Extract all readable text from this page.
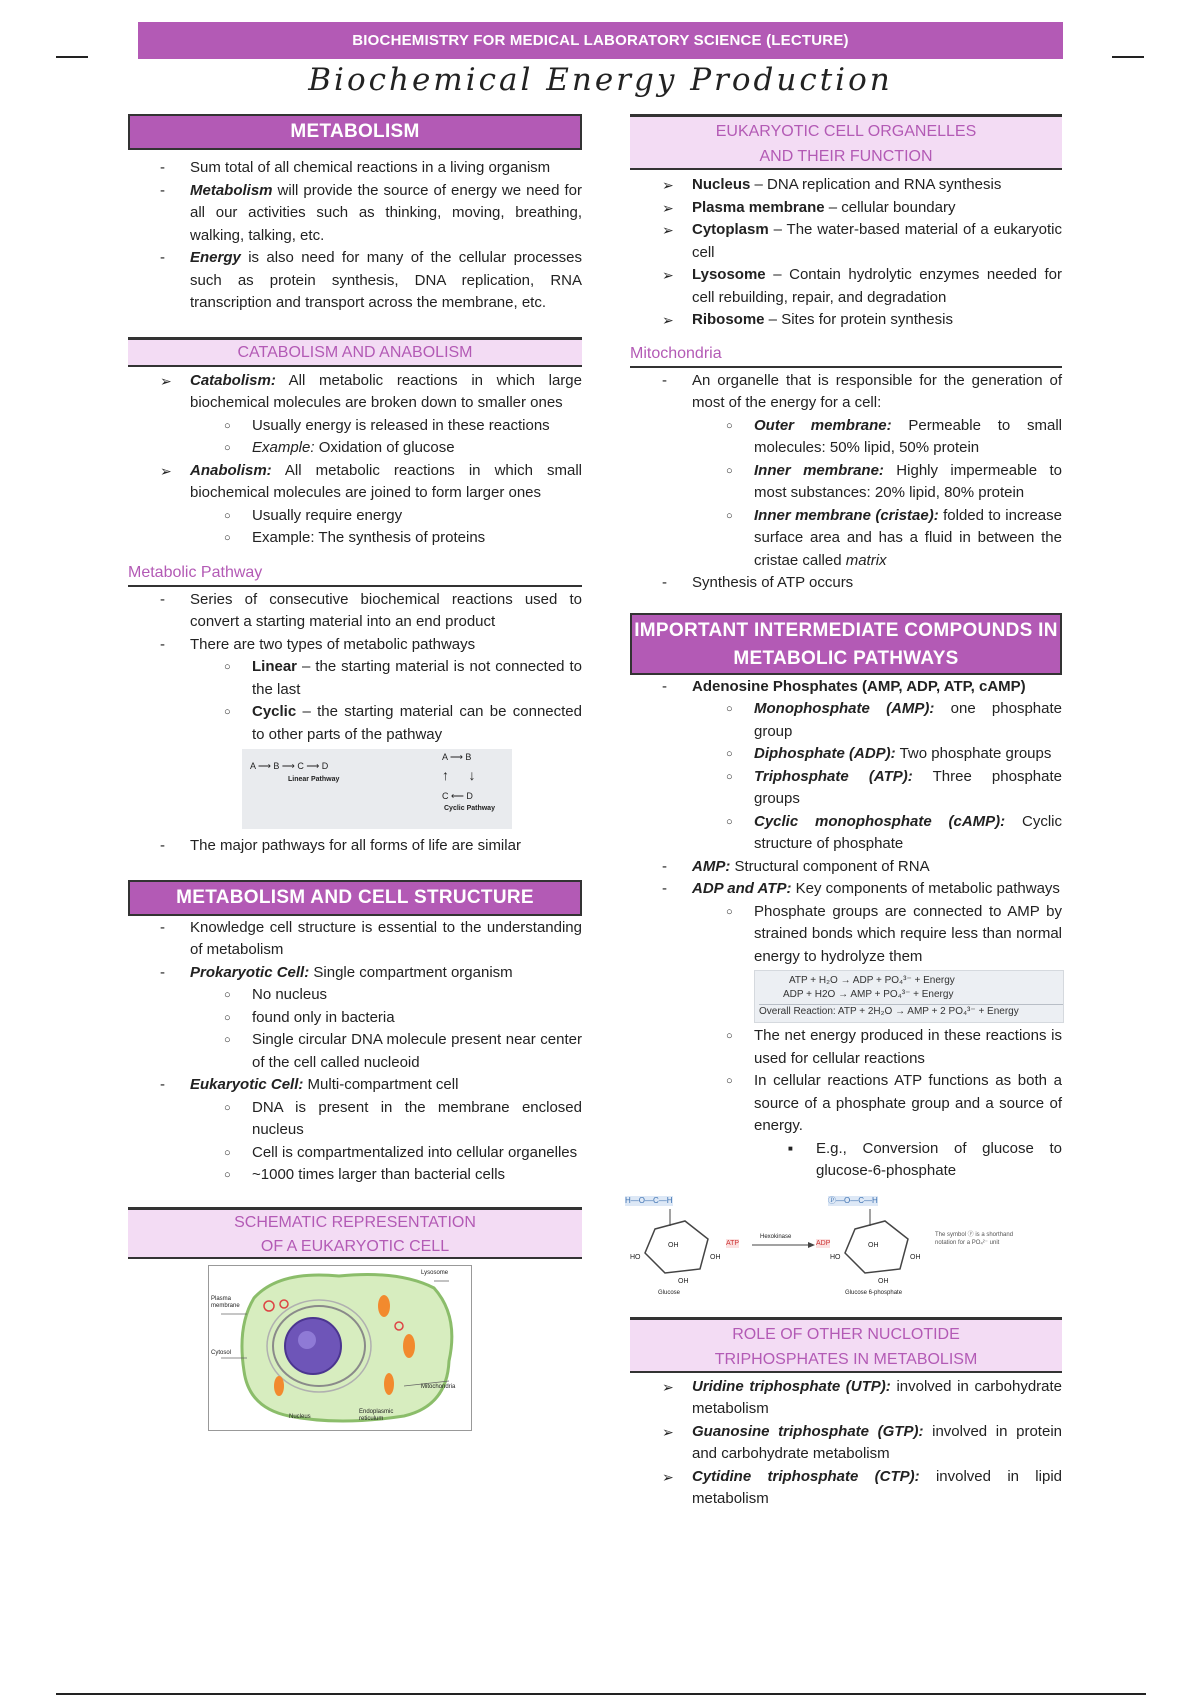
BIOCHEMISTRY FOR MEDICAL LABORATORY SCIENCE (LECTURE)
Biochemical Energy Production
METABOLISM
- Sum total of all chemical reactions in a living organism
- Metabolism will provide the source of energy we need for all our activities such as thinking, moving, breathing, walking, talking, etc.
- Energy is also need for many of the cellular processes such as protein synthesis, DNA replication, RNA transcription and transport across the membrane, etc.
CATABOLISM AND ANABOLISM
➢ Catabolism: All metabolic reactions in which large biochemical molecules are broken down to smaller ones
○ Usually energy is released in these reactions
○ Example: Oxidation of glucose
➢ Anabolism: All metabolic reactions in which small biochemical molecules are joined to form larger ones
○ Usually require energy
○ Example: The synthesis of proteins
Metabolic Pathway
- Series of consecutive biochemical reactions used to convert a starting material into an end product
- There are two types of metabolic pathways
○ Linear – the starting material is not connected to the last
○ Cyclic – the starting material can be connected to other parts of the pathway
A ⟶ B ⟶ C ⟶ D
Linear Pathway
A ⟶ B
↑     ↓
C ⟵ D
Cyclic Pathway
- The major pathways for all forms of life are similar
METABOLISM AND CELL STRUCTURE
- Knowledge cell structure is essential to the understanding of metabolism
- Prokaryotic Cell: Single compartment organism
○ No nucleus
○ found only in bacteria
○ Single circular DNA molecule present near center of the cell called nucleoid
- Eukaryotic Cell: Multi-compartment cell
○ DNA is present in the membrane enclosed nucleus
○ Cell is compartmentalized into cellular organelles
○ ~1000 times larger than bacterial cells
SCHEMATIC REPRESENTATION
OF A EUKARYOTIC CELL
Lysosome
Plasma membrane
Cytosol
Mitochondria
Nucleus
Endoplasmic reticulum
EUKARYOTIC CELL ORGANELLES
AND THEIR FUNCTION
➢ Nucleus – DNA replication and RNA synthesis
➢ Plasma membrane – cellular boundary
➢ Cytoplasm – The water-based material of a eukaryotic cell
➢ Lysosome – Contain hydrolytic enzymes needed for cell rebuilding, repair, and degradation
➢ Ribosome – Sites for protein synthesis
Mitochondria
- An organelle that is responsible for the generation of most of the energy for a cell:
○ Outer membrane: Permeable to small molecules: 50% lipid, 50% protein
○ Inner membrane: Highly impermeable to most substances: 20% lipid, 80% protein
○ Inner membrane (cristae): folded to increase surface area and has a fluid in between the cristae called matrix
- Synthesis of ATP occurs
IMPORTANT INTERMEDIATE COMPOUNDS IN
METABOLIC PATHWAYS
- Adenosine Phosphates (AMP, ADP, ATP, cAMP)
○ Monophosphate (AMP): one phosphate group
○ Diphosphate (ADP): Two phosphate groups
○ Triphosphate (ATP): Three phosphate groups
○ Cyclic monophosphate (cAMP): Cyclic structure of phosphate
- AMP: Structural component of RNA
- ADP and ATP: Key components of metabolic pathways
○ Phosphate groups are connected to AMP by strained bonds which require less than normal energy to hydrolyze them
ATP + H₂O → ADP + PO₄³⁻ + Energy
ADP + H2O → AMP + PO₄³⁻ + Energy
Overall Reaction: ATP + 2H₂O → AMP + 2 PO₄³⁻ + Energy
○ The net energy produced in these reactions is used for cellular reactions
○ In cellular reactions ATP functions as both a source of a phosphate group and a source of energy.
■ E.g., Conversion of glucose to glucose-6-phosphate
H—O—C—H	Ⓟ—O—C—H
OH
HO	OH
OH
OH
HO	OH
OH
ATP
Hexokinase
ADP
Glucose	Glucose 6-phosphate
The symbol Ⓟ is a shorthand notation for a PO₄²⁻ unit
ROLE OF OTHER NUCLOTIDE
TRIPHOSPHATES IN METABOLISM
➢ Uridine triphosphate (UTP): involved in carbohydrate metabolism
➢ Guanosine triphosphate (GTP): involved in protein and carbohydrate metabolism
➢ Cytidine triphosphate (CTP): involved in lipid metabolism
